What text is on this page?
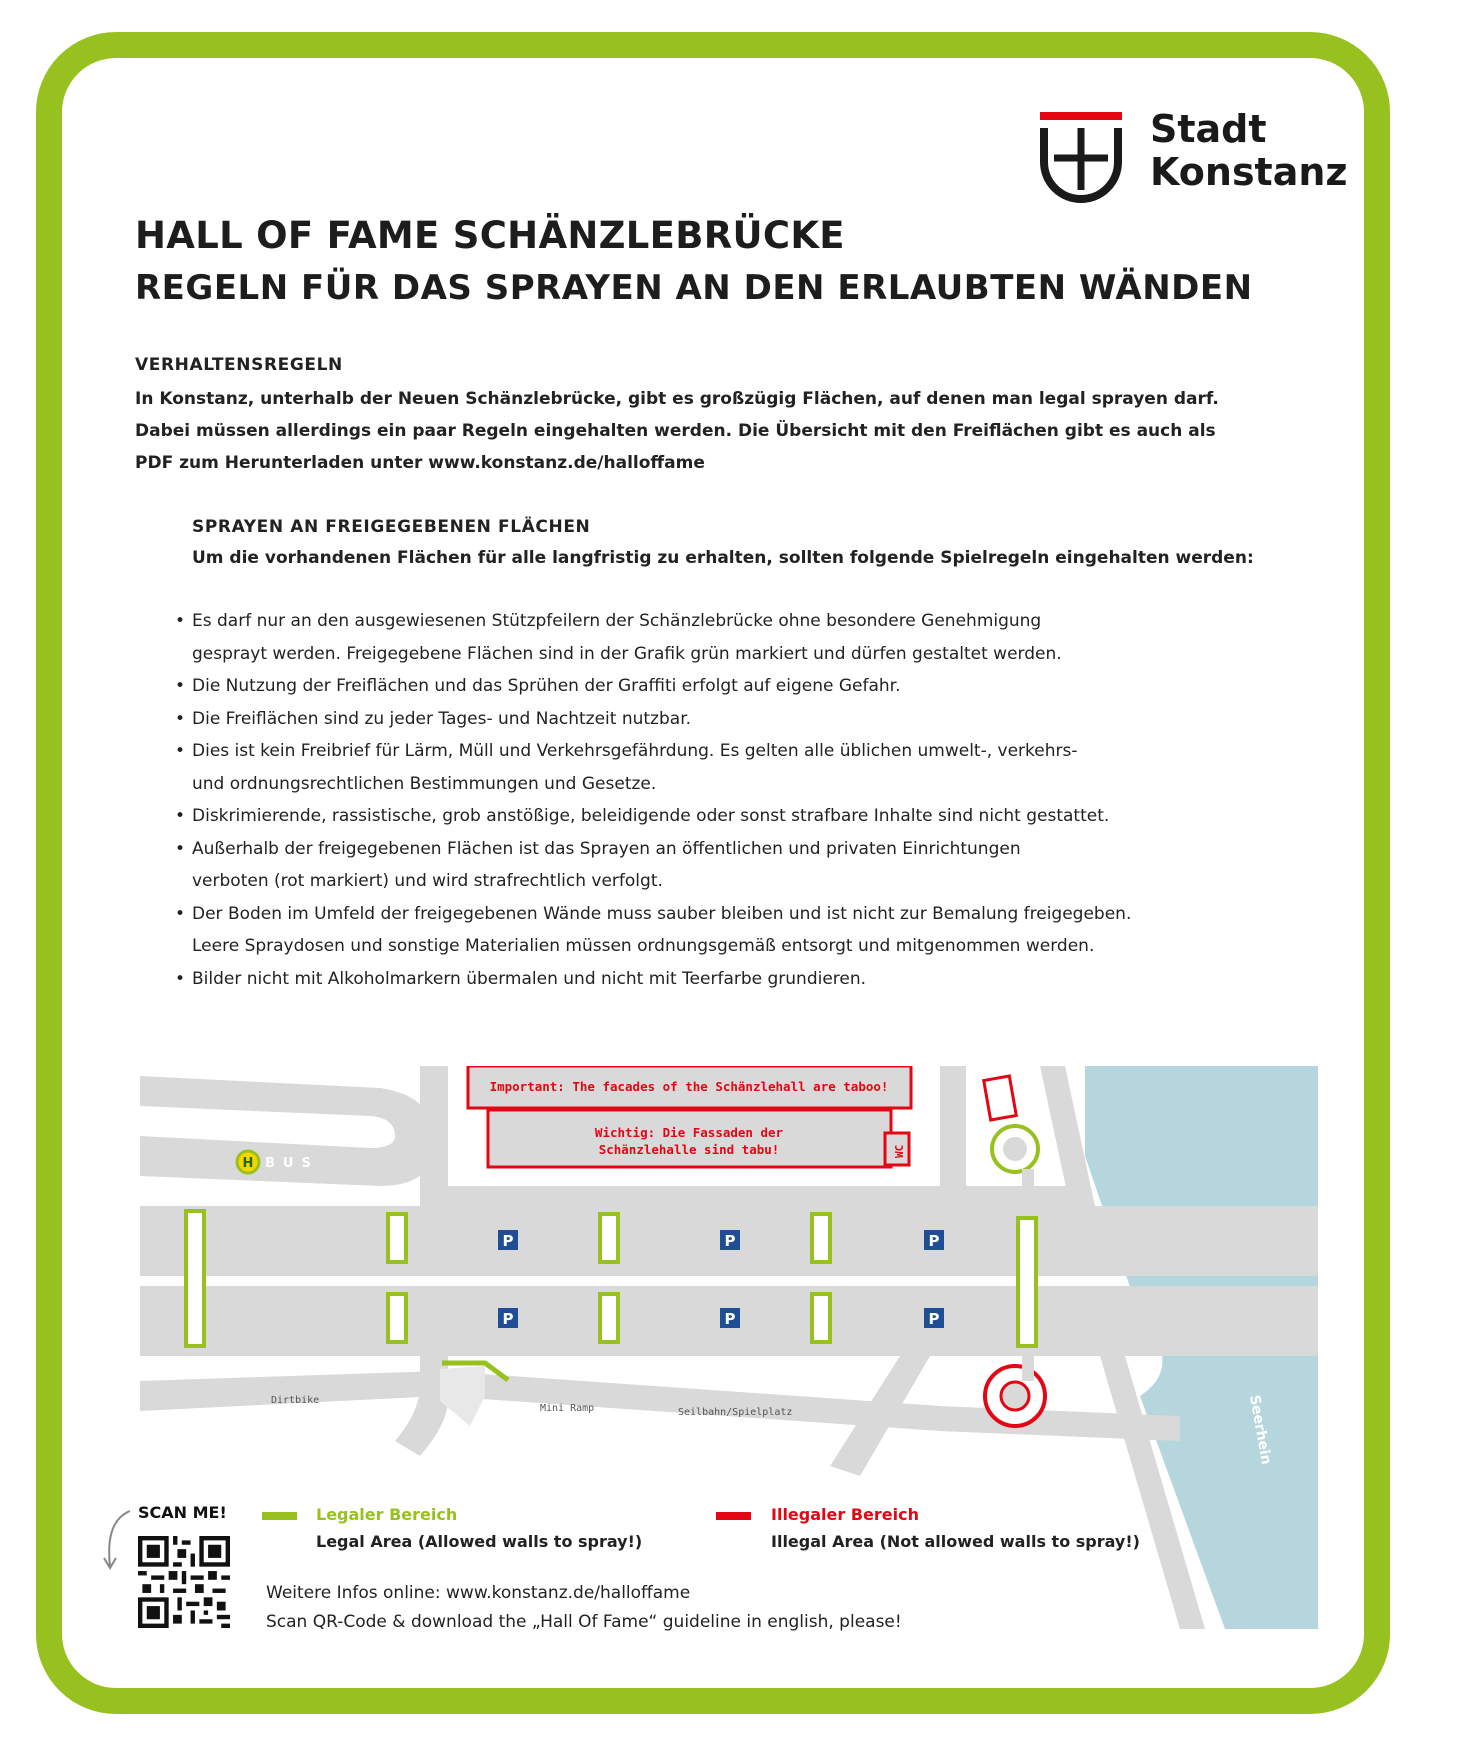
Stadt
Konstanz
HALL OF FAME SCHÄNZLEBRÜCKE
REGELN FÜR DAS SPRAYEN AN DEN ERLAUBTEN WÄNDEN
VERHALTENSREGELN
In Konstanz, unterhalb der Neuen Schänzlebrücke, gibt es großzügig Flächen, auf denen man legal sprayen darf.
Dabei müssen allerdings ein paar Regeln eingehalten werden. Die Übersicht mit den Freiflächen gibt es auch als
PDF zum Herunterladen unter www.konstanz.de/halloffame
SPRAYEN AN FREIGEGEBENEN FLÄCHEN
Um die vorhandenen Flächen für alle langfristig zu erhalten, sollten folgende Spielregeln eingehalten werden:
• Es darf nur an den ausgewiesenen Stützpfeilern der Schänzlebrücke ohne besondere Genehmigung
gesprayt werden. Freigegebene Flächen sind in der Grafik grün markiert und dürfen gestaltet werden.
• Die Nutzung der Freiflächen und das Sprühen der Graffiti erfolgt auf eigene Gefahr.
• Die Freiflächen sind zu jeder Tages- und Nachtzeit nutzbar.
• Dies ist kein Freibrief für Lärm, Müll und Verkehrsgefährdung. Es gelten alle üblichen umwelt-, verkehrs-
und ordnungsrechtlichen Bestimmungen und Gesetze.
• Diskrimierende, rassistische, grob anstößige, beleidigende oder sonst strafbare Inhalte sind nicht gestattet.
• Außerhalb der freigegebenen Flächen ist das Sprayen an öffentlichen und privaten Einrichtungen
verboten (rot markiert) und wird strafrechtlich verfolgt.
• Der Boden im Umfeld der freigegebenen Wände muss sauber bleiben und ist nicht zur Bemalung freigegeben.
Leere Spraydosen und sonstige Materialien müssen ordnungsgemäß entsorgt und mitgenommen werden.
• Bilder nicht mit Alkoholmarkern übermalen und nicht mit Teerfarbe grundieren.
Important: The facades of the Schänzlehall are taboo!
Wichtig: Die Fassaden der
Schänzlehalle sind tabu!	WC
H BUS
P	P	P
P	P	P
Dirtbike
Mini Ramp	Seilbahn/Spielplatz	Seerhein
SCAN ME!	Legaler Bereich
Legal Area (Allowed walls to spray!)
Illegaler Bereich
Illegal Area (Not allowed walls to spray!)
Weitere Infos online: www.konstanz.de/halloffame
Scan QR-Code & download the „Hall Of Fame“ guideline in english, please!
